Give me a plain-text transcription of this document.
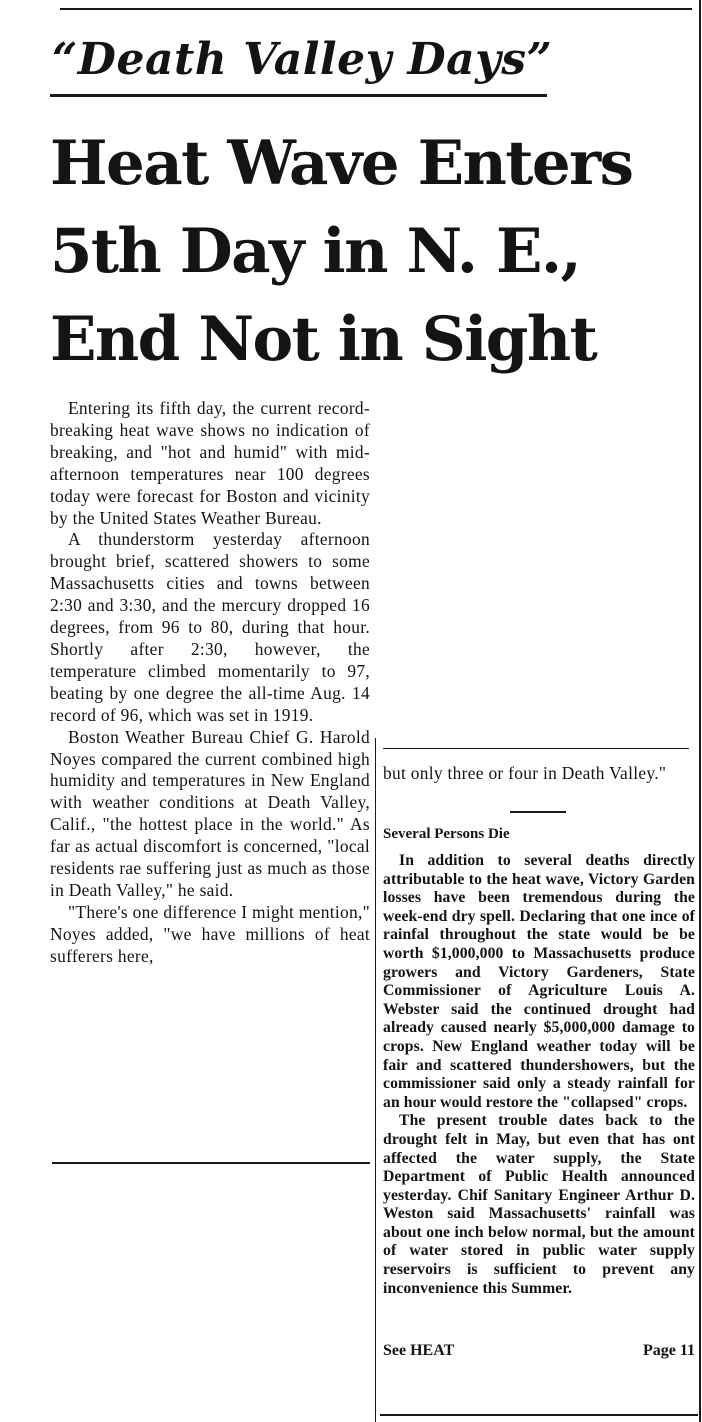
“Death Valley Days”
Heat Wave Enters
5th Day in N. E.,
End Not in Sight

Entering its fifth day, the current record-breaking heat wave shows no indication of breaking, and "hot and humid" with mid-afternoon temperatures near 100 degrees today were forecast for Boston and vicinity by the United States Weather Bureau.

A thunderstorm yesterday afternoon brought brief, scattered showers to some Massachusetts cities and towns between 2:30 and 3:30, and the mercury dropped 16 degrees, from 96 to 80, during that hour. Shortly after 2:30, however, the temperature climbed momentarily to 97, beating by one degree the all-time Aug. 14 record of 96, which was set in 1919.

Boston Weather Bureau Chief G. Harold Noyes compared the current combined high humidity and temperatures in New England with weather conditions at Death Valley, Calif., "the hottest place in the world." As far as actual discomfort is concerned, "local residents rae suffering just as much as those in Death Valley," he said.

"There's one difference I might mention," Noyes added, "we have millions of heat sufferers here,

but only three or four in Death Valley."

Several Persons Die

In addition to several deaths directly attributable to the heat wave, Victory Garden losses have been tremendous during the week-end dry spell. Declaring that one ince of rainfal throughout the state would be be worth $1,000,000 to Massachusetts produce growers and Victory Gardeners, State Commissioner of Agriculture Louis A. Webster said the continued drought had already caused nearly $5,000,000 damage to crops. New England weather today will be fair and scattered thundershowers, but the commissioner said only a steady rainfall for an hour would restore the "collapsed" crops.

The present trouble dates back to the drought felt in May, but even that has ont affected the water supply, the State Department of Public Health announced yesterday. Chif Sanitary Engineer Arthur D. Weston said Massachusetts' rainfall was about one inch below normal, but the amount of water stored in public water supply reservoirs is sufficient to prevent any inconvenience this Summer.

See HEAT	Page 11
